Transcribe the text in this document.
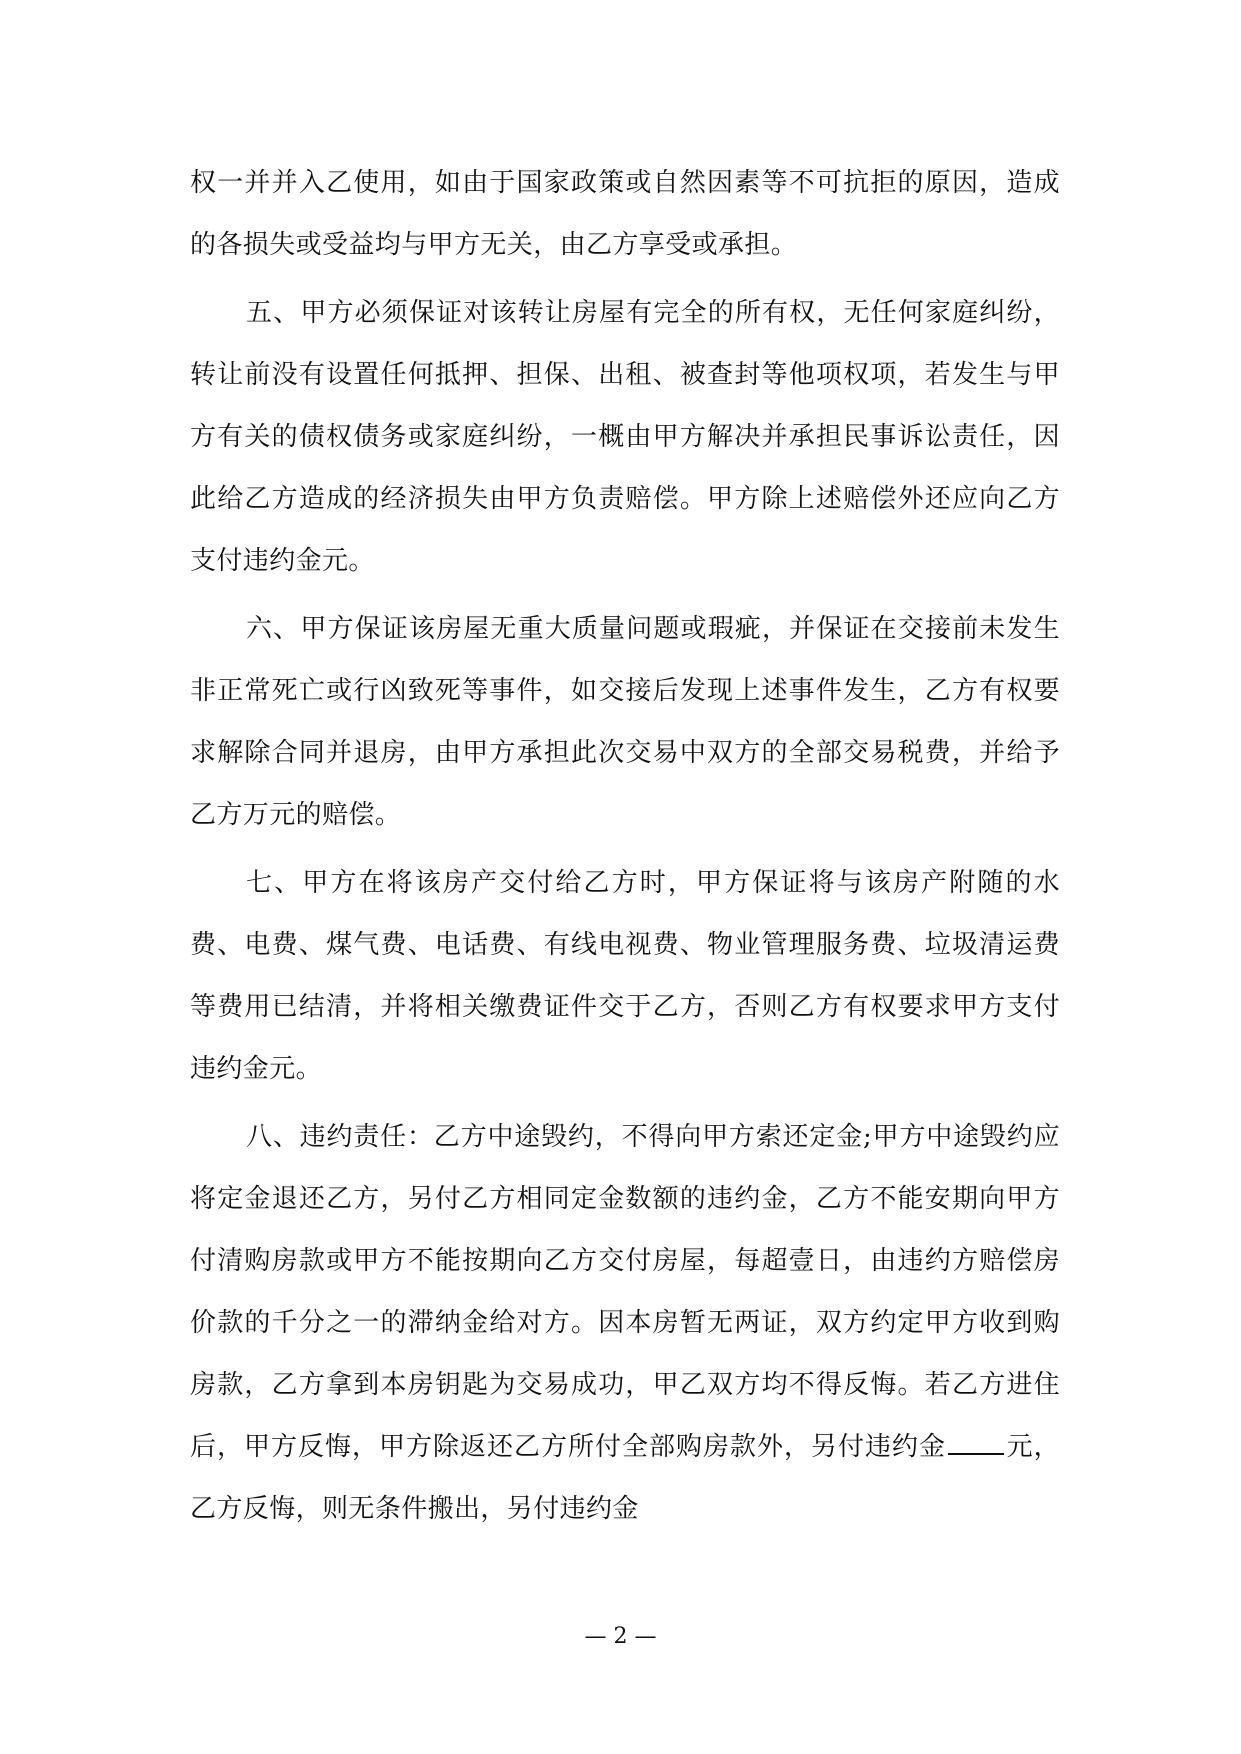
权一并并入乙使用，如由于国家政策或自然因素等不可抗拒的原因，造成的各损失或受益均与甲方无关，由乙方享受或承担。

五、甲方必须保证对该转让房屋有完全的所有权，无任何家庭纠纷，转让前没有设置任何抵押、担保、出租、被查封等他项权项，若发生与甲方有关的债权债务或家庭纠纷，一概由甲方解决并承担民事诉讼责任，因此给乙方造成的经济损失由甲方负责赔偿。甲方除上述赔偿外还应向乙方支付违约金元。

六、甲方保证该房屋无重大质量问题或瑕疵，并保证在交接前未发生非正常死亡或行凶致死等事件，如交接后发现上述事件发生，乙方有权要求解除合同并退房，由甲方承担此次交易中双方的全部交易税费，并给予乙方万元的赔偿。

七、甲方在将该房产交付给乙方时，甲方保证将与该房产附随的水费、电费、煤气费、电话费、有线电视费、物业管理服务费、垃圾清运费等费用已结清，并将相关缴费证件交于乙方，否则乙方有权要求甲方支付违约金元。

八、违约责任：乙方中途毁约，不得向甲方索还定金;甲方中途毁约应将定金退还乙方，另付乙方相同定金数额的违约金，乙方不能安期向甲方付清购房款或甲方不能按期向乙方交付房屋，每超壹日，由违约方赔偿房价款的千分之一的滞纳金给对方。因本房暂无两证，双方约定甲方收到购房款，乙方拿到本房钥匙为交易成功，甲乙双方均不得反悔。若乙方进住后，甲方反悔，甲方除返还乙方所付全部购房款外，另付违约金 元，乙方反悔，则无条件搬出，另付违约金

— 2 —
